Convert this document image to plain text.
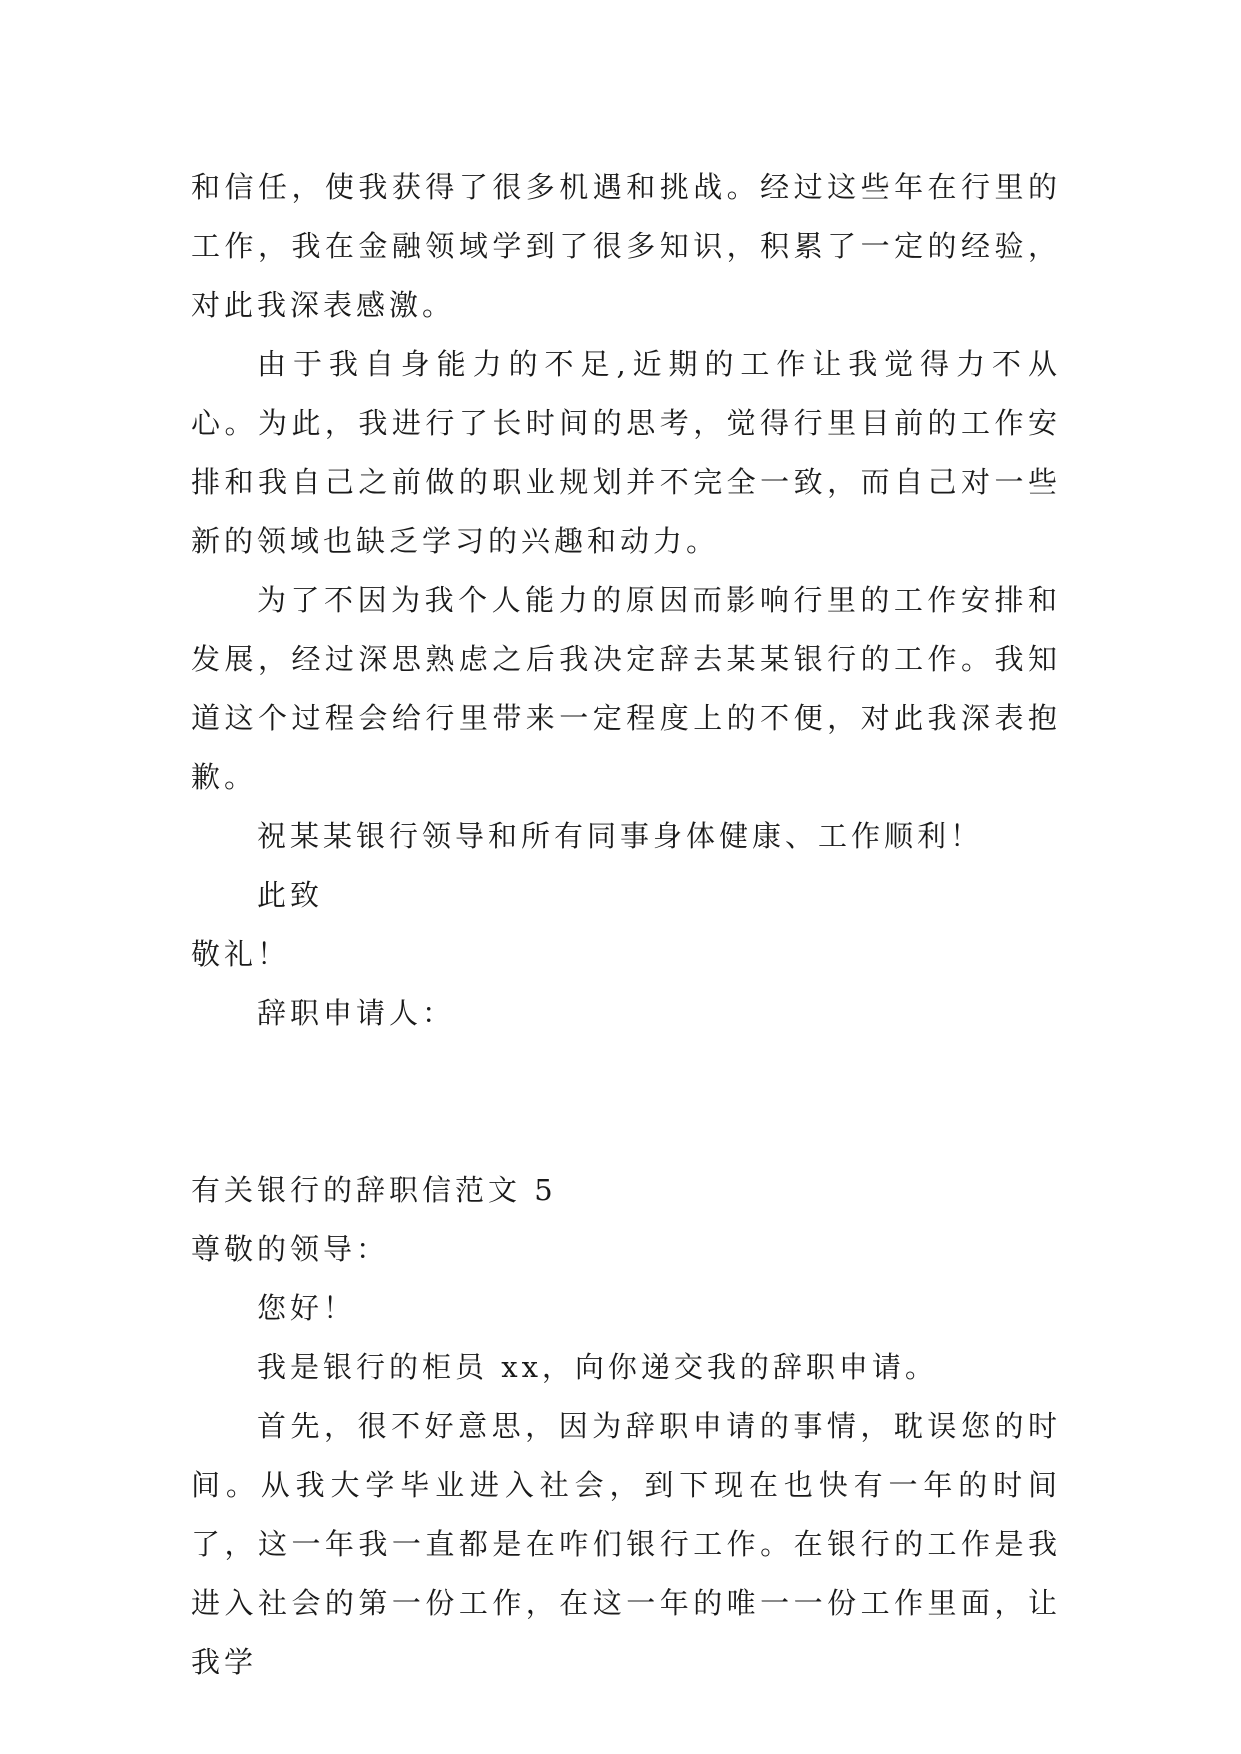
和信任，使我获得了很多机遇和挑战。经过这些年在行里的工作，我在金融领域学到了很多知识，积累了一定的经验，对此我深表感激。

由于我自身能力的不足,近期的工作让我觉得力不从心。为此，我进行了长时间的思考，觉得行里目前的工作安排和我自己之前做的职业规划并不完全一致，而自己对一些新的领域也缺乏学习的兴趣和动力。

为了不因为我个人能力的原因而影响行里的工作安排和发展，经过深思熟虑之后我决定辞去某某银行的工作。我知道这个过程会给行里带来一定程度上的不便，对此我深表抱歉。

祝某某银行领导和所有同事身体健康、工作顺利！

此致

敬礼！

辞职申请人：

有关银行的辞职信范文 5

尊敬的领导：

您好！

我是银行的柜员 xx，向你递交我的辞职申请。

首先，很不好意思，因为辞职申请的事情，耽误您的时间。从我大学毕业进入社会，到下现在也快有一年的时间了，这一年我一直都是在咋们银行工作。在银行的工作是我进入社会的第一份工作，在这一年的唯一一份工作里面，让我学
